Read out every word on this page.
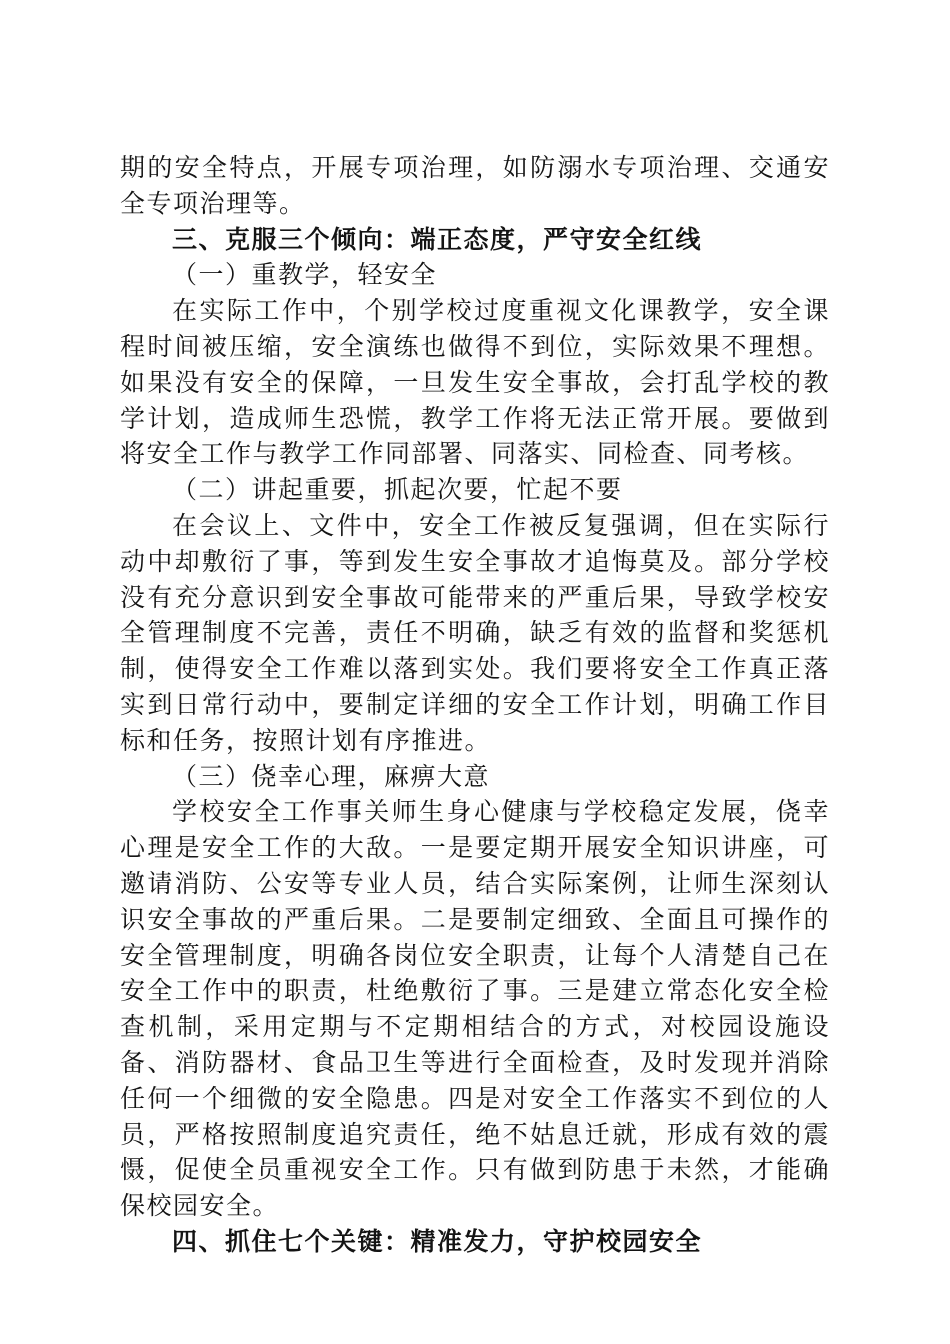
期的安全特点，开展专项治理，如防溺水专项治理、交通安全专项治理等。

三、克服三个倾向：端正态度，严守安全红线

（一）重教学，轻安全

在实际工作中，个别学校过度重视文化课教学，安全课程时间被压缩，安全演练也做得不到位，实际效果不理想。如果没有安全的保障，一旦发生安全事故，会打乱学校的教学计划，造成师生恐慌，教学工作将无法正常开展。要做到将安全工作与教学工作同部署、同落实、同检查、同考核。

（二）讲起重要，抓起次要，忙起不要

在会议上、文件中，安全工作被反复强调，但在实际行动中却敷衍了事，等到发生安全事故才追悔莫及。部分学校没有充分意识到安全事故可能带来的严重后果，导致学校安全管理制度不完善，责任不明确，缺乏有效的监督和奖惩机制，使得安全工作难以落到实处。我们要将安全工作真正落实到日常行动中，要制定详细的安全工作计划，明确工作目标和任务，按照计划有序推进。

（三）侥幸心理，麻痹大意

学校安全工作事关师生身心健康与学校稳定发展，侥幸心理是安全工作的大敌。一是要定期开展安全知识讲座，可邀请消防、公安等专业人员，结合实际案例，让师生深刻认识安全事故的严重后果。二是要制定细致、全面且可操作的安全管理制度，明确各岗位安全职责，让每个人清楚自己在安全工作中的职责，杜绝敷衍了事。三是建立常态化安全检查机制，采用定期与不定期相结合的方式，对校园设施设备、消防器材、食品卫生等进行全面检查，及时发现并消除任何一个细微的安全隐患。四是对安全工作落实不到位的人员，严格按照制度追究责任，绝不姑息迁就，形成有效的震慑，促使全员重视安全工作。只有做到防患于未然，才能确保校园安全。

四、抓住七个关键：精准发力，守护校园安全
